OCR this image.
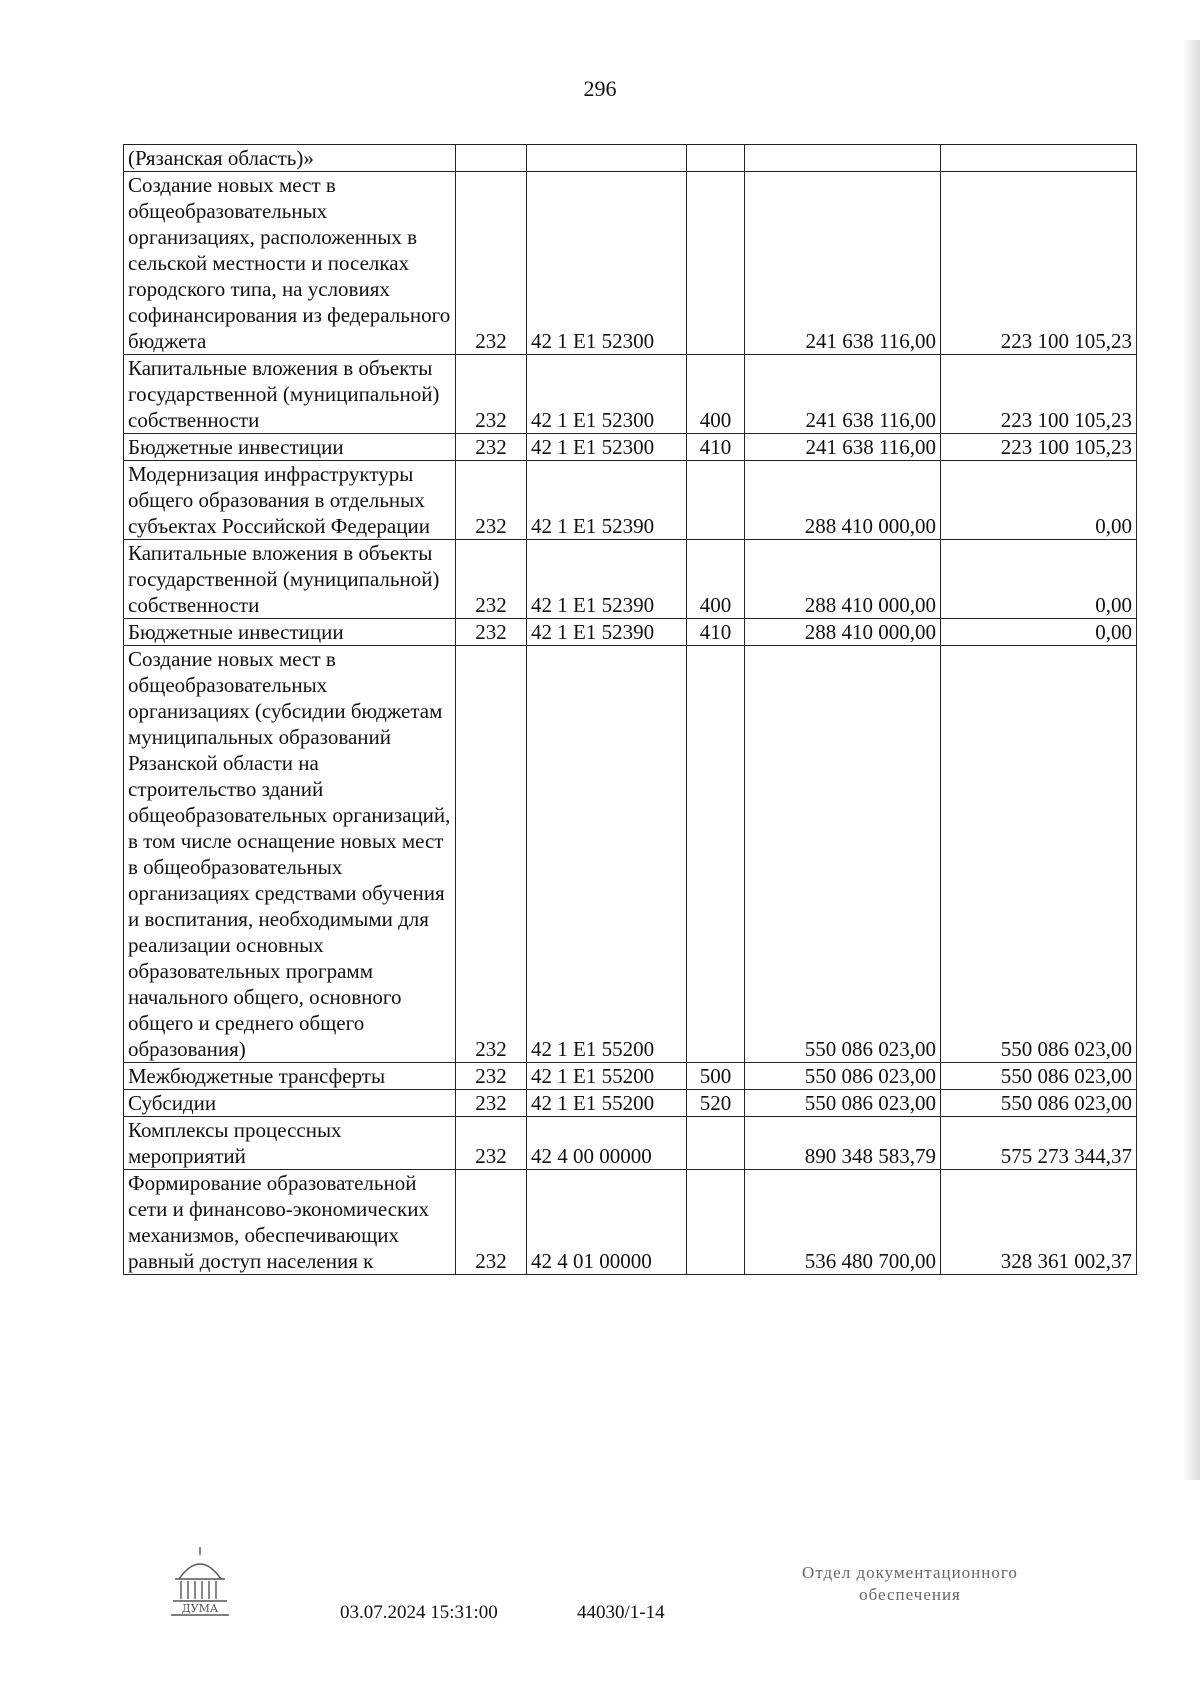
296
(Рязанская область)»					
Создание новых мест в общеобразовательных организациях, расположенных в сельской местности и поселках городского типа, на условиях софинансирования из федерального бюджета	232	42 1 Е1 52300		241 638 116,00	223 100 105,23
Капитальные вложения в объекты государственной (муниципальной) собственности	232	42 1 Е1 52300	400	241 638 116,00	223 100 105,23
Бюджетные инвестиции	232	42 1 Е1 52300	410	241 638 116,00	223 100 105,23
Модернизация инфраструктуры общего образования в отдельных субъектах Российской Федерации	232	42 1 Е1 52390		288 410 000,00	0,00
Капитальные вложения в объекты государственной (муниципальной) собственности	232	42 1 Е1 52390	400	288 410 000,00	0,00
Бюджетные инвестиции	232	42 1 Е1 52390	410	288 410 000,00	0,00
Создание новых мест в общеобразовательных организациях (субсидии бюджетам муниципальных образований Рязанской области на строительство зданий общеобразовательных организаций, в том числе оснащение новых мест в общеобразовательных организациях средствами обучения и воспитания, необходимыми для реализации основных образовательных программ начального общего, основного общего и среднего общего образования)	232	42 1 Е1 55200		550 086 023,00	550 086 023,00
Межбюджетные трансферты	232	42 1 Е1 55200	500	550 086 023,00	550 086 023,00
Субсидии	232	42 1 Е1 55200	520	550 086 023,00	550 086 023,00
Комплексы процессных мероприятий	232	42 4 00 00000		890 348 583,79	575 273 344,37
Формирование образовательной сети и финансово-экономических механизмов, обеспечивающих равный доступ населения к	232	42 4 01 00000		536 480 700,00	328 361 002,37
ДУМА	03.07.2024 15:31:00	44030/1-14
Отдел документационного
обеспечения
